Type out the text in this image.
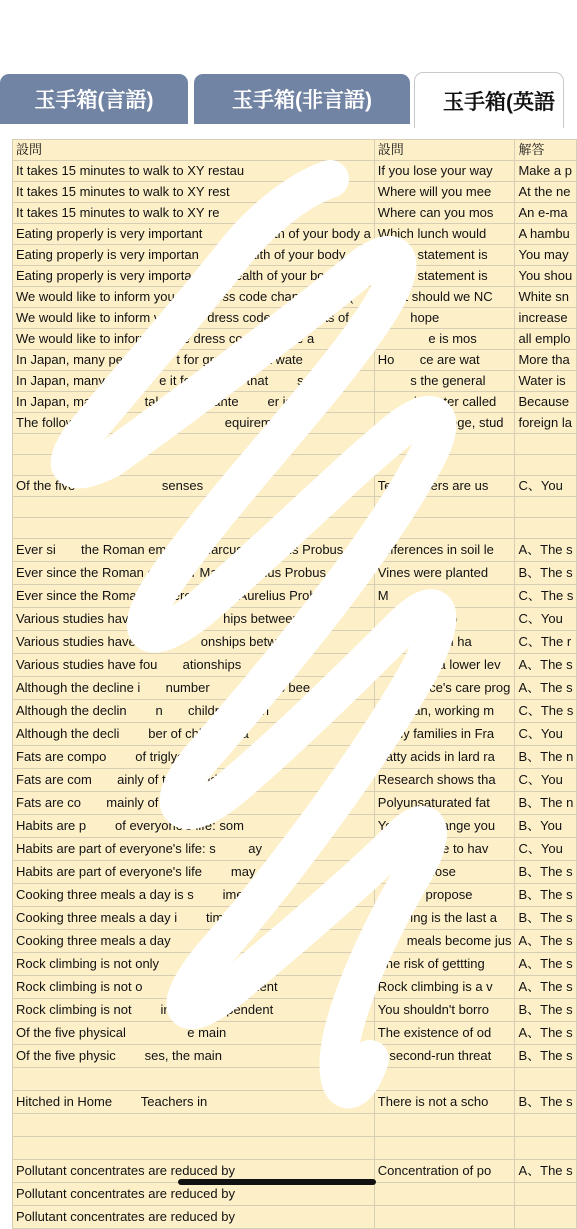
玉手箱(言語)	玉手箱(非言語)	玉手箱(英語
設問	設問	解答
It takes 15 minutes to walk to XY restau	If you lose your way	Make a p
It takes 15 minutes to walk to XY rest	Where will you mee	At the ne
It takes 15 minutes to walk to XY re         nt	Where can you mos	An e-ma
Eating properly is very important        he health of your body a	Which lunch would	A hambu
Eating properly is very importan       e health of your body a	Which statement is	You may
Eating properly is very importa       e health of your body a	Which statement is	You shou
We would like to inform you        dress code change as of (	What should we NC	White sn
We would like to inform yo        e dress code change as of (	hope	increase
We would like to inform         e dress code change a	e is mos	all emplo
In Japan, many people        t for granted that wate	Ho       ce are wat	More tha
In Japan, many peo        e it for granted that        somel	s the general	Water is
In Japan, many pe      take it for grante        er is som	is water called	Because
The following is       mple of gr          equirements	this college, stud	foreign la

Of the five                        senses	Tea drinkers are us	C、You

Ever si       the Roman emperor Marcus        elius Probus dec	Differences in soil le	A、The s
Ever since the Roman emperor Ma       urelius Probus dec	Vines were planted	B、The s
Ever since the Roman emperor M        Aurelius Probus dec	M	C、The s
Various studies have found re          hips between	ome dep	C、You
Various studies have found        onships betwe	research ha	C、The r
Various studies have fou       ationships	re is a lower lev	A、The s
Although the decline i       number            n has bee	rance's care prog	A、The s
Although the declin        n       children has h	In Japan, working m	C、The s
Although the decli        ber of children ha        a se	Many families in Fra	C、You
Fats are compo        of triglycerides	Fatty acids in lard ra	B、The n
Fats are com       ainly of triglycerides	Research shows tha	C、You
Fats are co       mainly of triglyceride	Polyunsaturated fat	B、The n
Habits are p        of everyone's life: som	You can change you	B、You
Habits are part of everyone's life: s         ay	It is possible to hav	C、You
Habits are part of everyone's life        may	If         to lose	B、The s
Cooking three meals a day is s        imes	or propose	B、The s
Cooking three meals a day i        times	ing is the last a	B、The s
Cooking three meals a day         netimes	meals become jus	A、The s
Rock climbing is not only         weather-de	The risk of gettting	A、The s
Rock climbing is not o        y weath        ndent	Rock climbing is a v	A、The s
Rock climbing is not        irly w          pendent	You shouldn't borro	B、The s
Of the five physical                 e main	The existence of od	A、The s
Of the five physic        ses, the main	A second-run threat	B、The s

Hitched in Home        Teachers in	There is not a scho	B、The s

Pollutant concentrates are reduced by	Concentration of po	A、The s
Pollutant concentrates are reduced by		
Pollutant concentrates are reduced by		
